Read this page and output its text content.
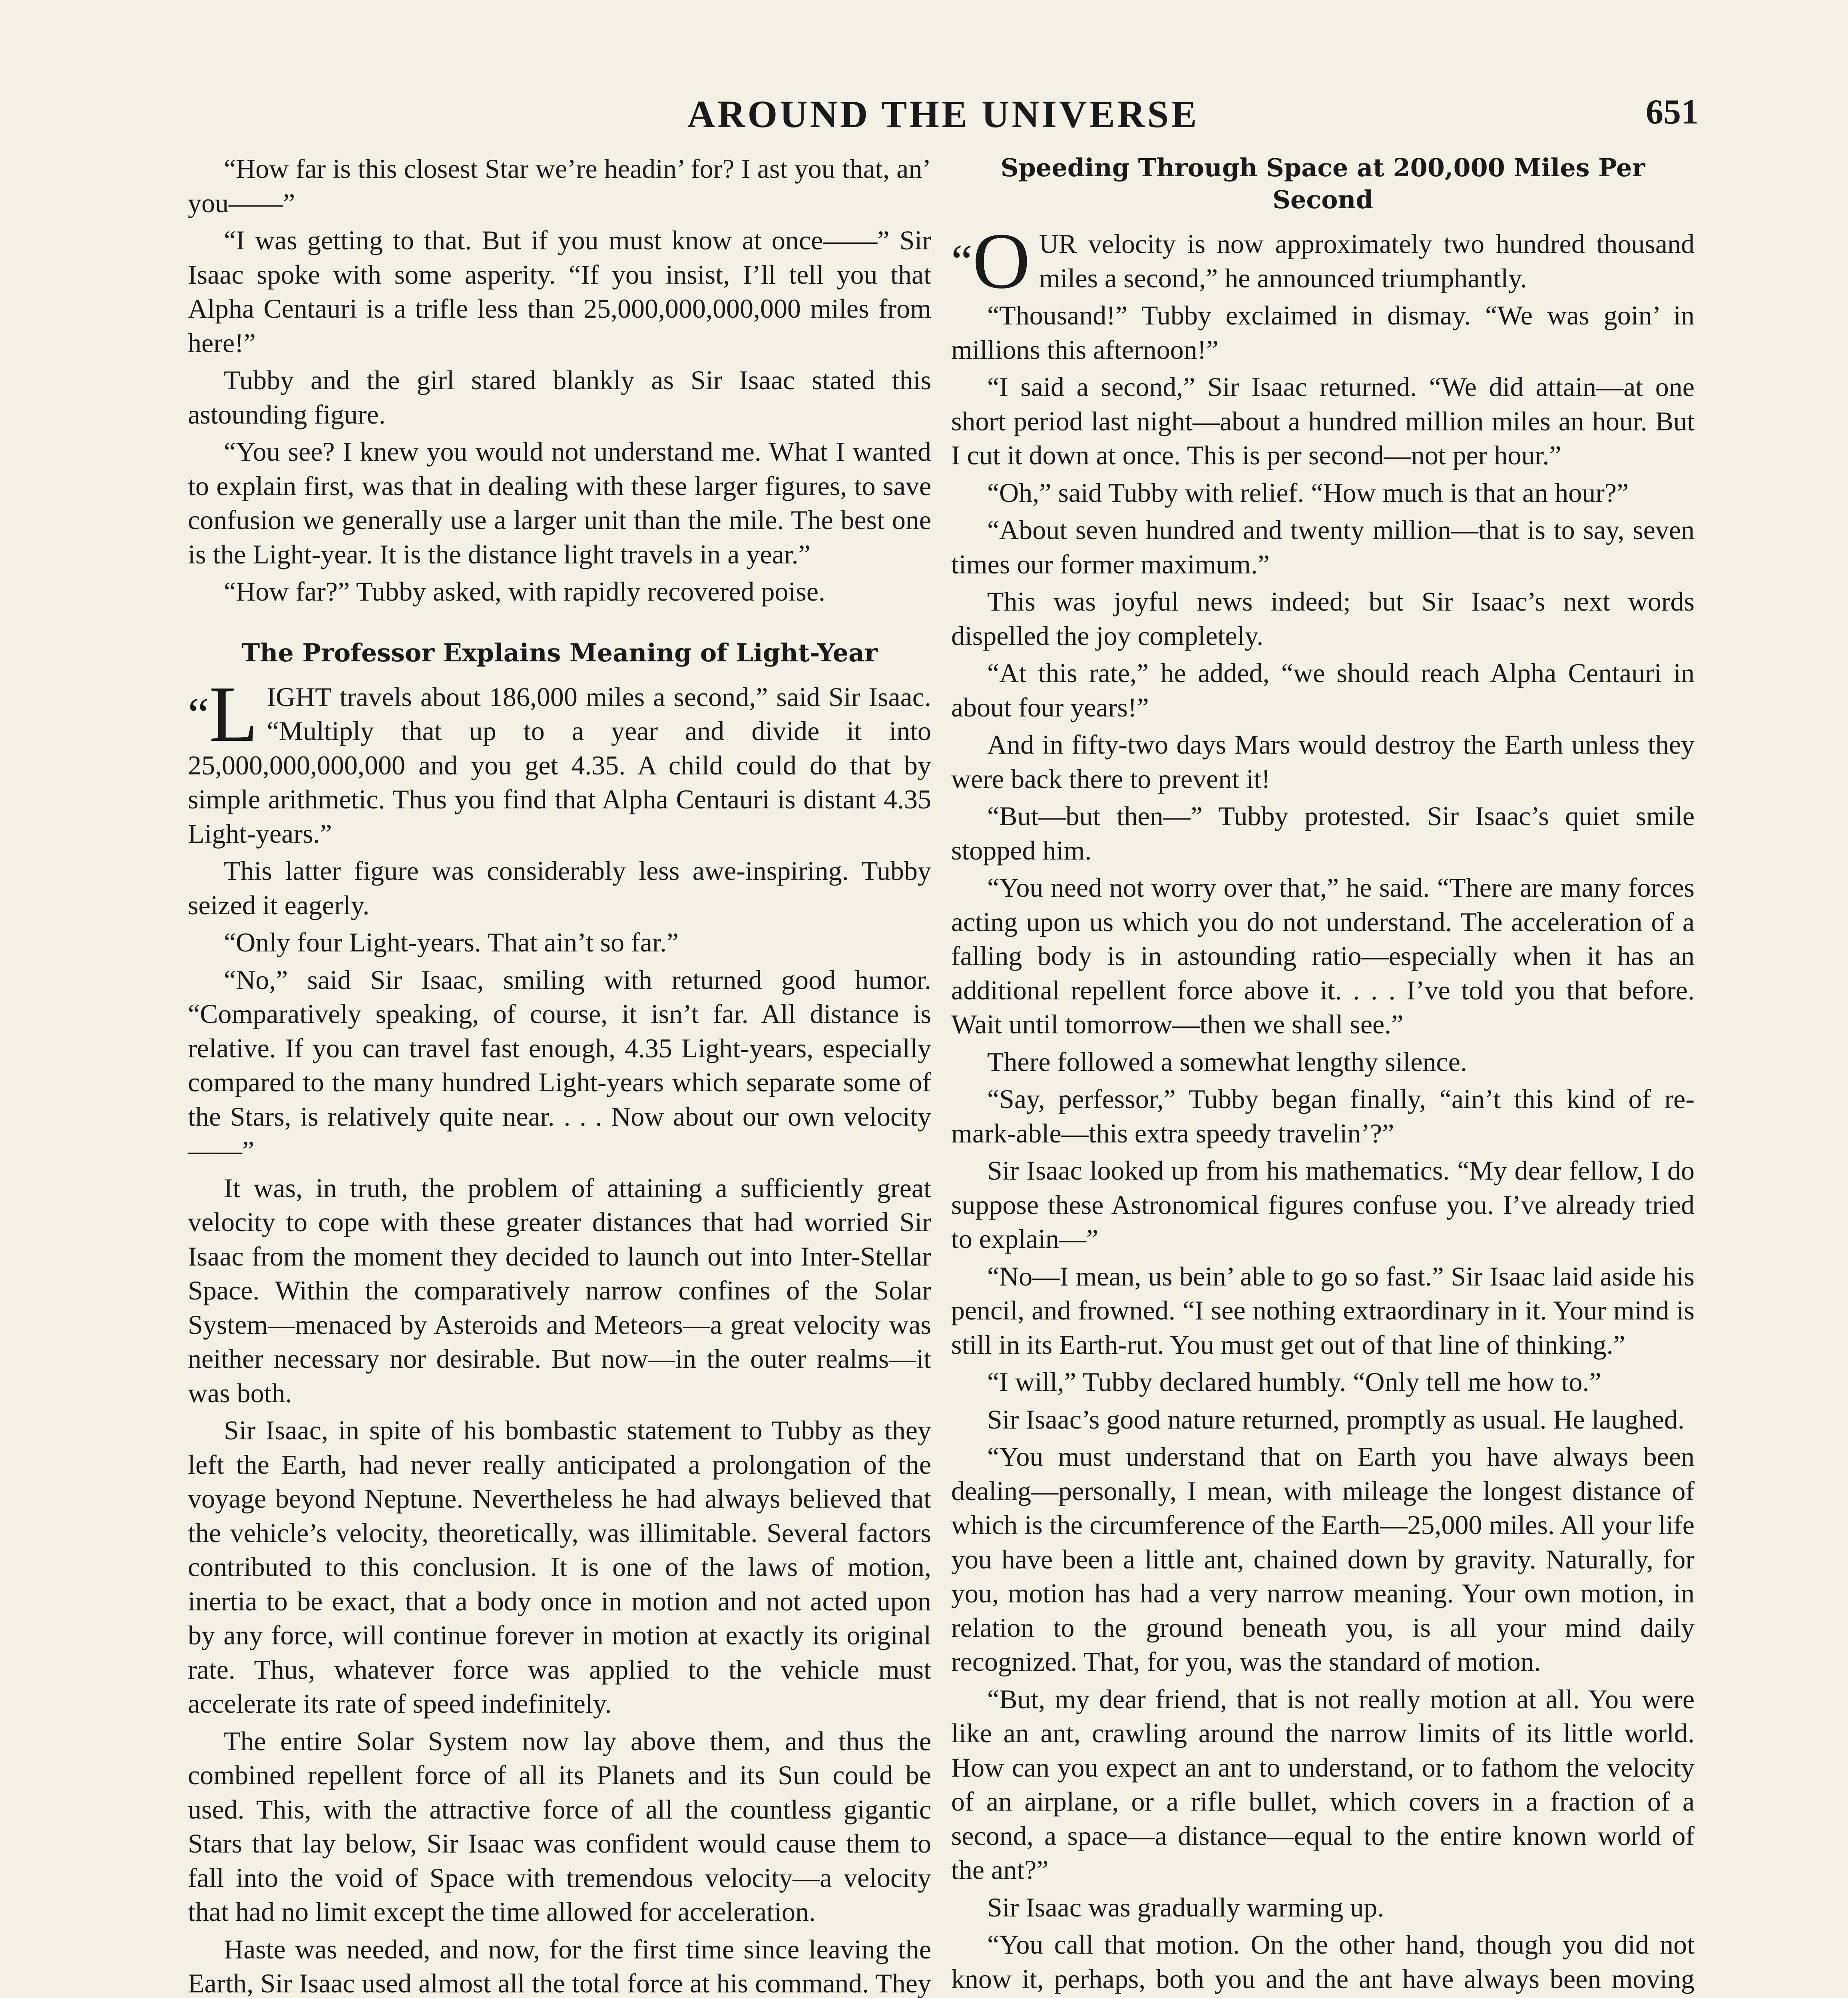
AROUND THE UNIVERSE	651

“How far is this closest Star we’re headin’ for? I ast you that, an’ you——”

“I was getting to that. But if you must know at once——” Sir Isaac spoke with some asperity. “If you insist, I’ll tell you that Alpha Centauri is a trifle less than 25,000,000,000,000 miles from here!”

Tubby and the girl stared blankly as Sir Isaac stated this astounding figure.

“You see? I knew you would not understand me. What I wanted to explain first, was that in dealing with these larger figures, to save confusion we generally use a larger unit than the mile. The best one is the Light-year. It is the distance light travels in a year.”

“How far?” Tubby asked, with rapidly recovered poise.

The Professor Explains Meaning of Light-Year

“L IGHT travels about 186,000 miles a second,” said Sir Isaac. “Multiply that up to a year and divide it into 25,000,000,000,000 and you get 4.35. A child could do that by simple arithmetic. Thus you find that Alpha Centauri is distant 4.35 Light-years.”

This latter figure was considerably less awe-inspiring. Tubby seized it eagerly.

“Only four Light-years. That ain’t so far.”

“No,” said Sir Isaac, smiling with returned good humor. “Comparatively speaking, of course, it isn’t far. All distance is relative. If you can travel fast enough, 4.35 Light-years, especially compared to the many hundred Light-years which separate some of the Stars, is relatively quite near. . . . Now about our own velocity——”

It was, in truth, the problem of attaining a sufficiently great velocity to cope with these greater distances that had worried Sir Isaac from the moment they decided to launch out into Inter-Stellar Space. Within the comparatively narrow confines of the Solar System—menaced by Asteroids and Meteors—a great velocity was neither necessary nor desirable. But now—in the outer realms—it was both.

Sir Isaac, in spite of his bombastic statement to Tubby as they left the Earth, had never really anticipated a prolongation of the voyage beyond Neptune. Nevertheless he had always believed that the vehicle’s velocity, theoretically, was illimitable. Several factors contributed to this conclusion. It is one of the laws of motion, inertia to be exact, that a body once in motion and not acted upon by any force, will continue forever in motion at exactly its original rate. Thus, whatever force was applied to the vehicle must accelerate its rate of speed indefinitely.

The entire Solar System now lay above them, and thus the combined repellent force of all its Planets and its Sun could be used. This, with the attractive force of all the countless gigantic Stars that lay below, Sir Isaac was confident would cause them to fall into the void of Space with tremendous velocity—a velocity that had no limit except the time allowed for acceleration.

Haste was needed, and now, for the first time since leaving the Earth, Sir Isaac used almost all the total force at his command. They

Speeding Through Space at 200,000 Miles Per Second

“O UR velocity is now approximately two hundred thousand miles a second,” he announced triumphantly.

“Thousand!” Tubby exclaimed in dismay. “We was goin’ in millions this afternoon!”

“I said a second,” Sir Isaac returned. “We did attain—at one short period last night—about a hundred million miles an hour. But I cut it down at once. This is per second—not per hour.”

“Oh,” said Tubby with relief. “How much is that an hour?”

“About seven hundred and twenty million—that is to say, seven times our former maximum.”

This was joyful news indeed; but Sir Isaac’s next words dispelled the joy completely.

“At this rate,” he added, “we should reach Alpha Centauri in about four years!”

And in fifty-two days Mars would destroy the Earth unless they were back there to prevent it!

“But—but then—” Tubby protested. Sir Isaac’s quiet smile stopped him.

“You need not worry over that,” he said. “There are many forces acting upon us which you do not understand. The acceleration of a falling body is in astounding ratio—especially when it has an additional repellent force above it. . . . I’ve told you that before. Wait until tomorrow—then we shall see.”

There followed a somewhat lengthy silence.

“Say, perfessor,” Tubby began finally, “ain’t this kind of re-mark-able—this extra speedy travelin’?”

Sir Isaac looked up from his mathematics. “My dear fellow, I do suppose these Astronomical figures confuse you. I’ve already tried to explain—”

“No—I mean, us bein’ able to go so fast.” Sir Isaac laid aside his pencil, and frowned. “I see nothing extraordinary in it. Your mind is still in its Earth-rut. You must get out of that line of thinking.”

“I will,” Tubby declared humbly. “Only tell me how to.”

Sir Isaac’s good nature returned, promptly as usual. He laughed.

“You must understand that on Earth you have always been dealing—personally, I mean, with mileage the longest distance of which is the circumference of the Earth—25,000 miles. All your life you have been a little ant, chained down by gravity. Naturally, for you, motion has had a very narrow meaning. Your own motion, in relation to the ground beneath you, is all your mind daily recognized. That, for you, was the standard of motion.

“But, my dear friend, that is not really motion at all. You were like an ant, crawling around the narrow limits of its little world. How can you expect an ant to understand, or to fathom the velocity of an airplane, or a rifle bullet, which covers in a fraction of a second, a space—a distance—equal to the entire known world of the ant?”

Sir Isaac was gradually warming up.

“You call that motion. On the other hand, though you did not know it, perhaps, both you and the ant have always been moving
